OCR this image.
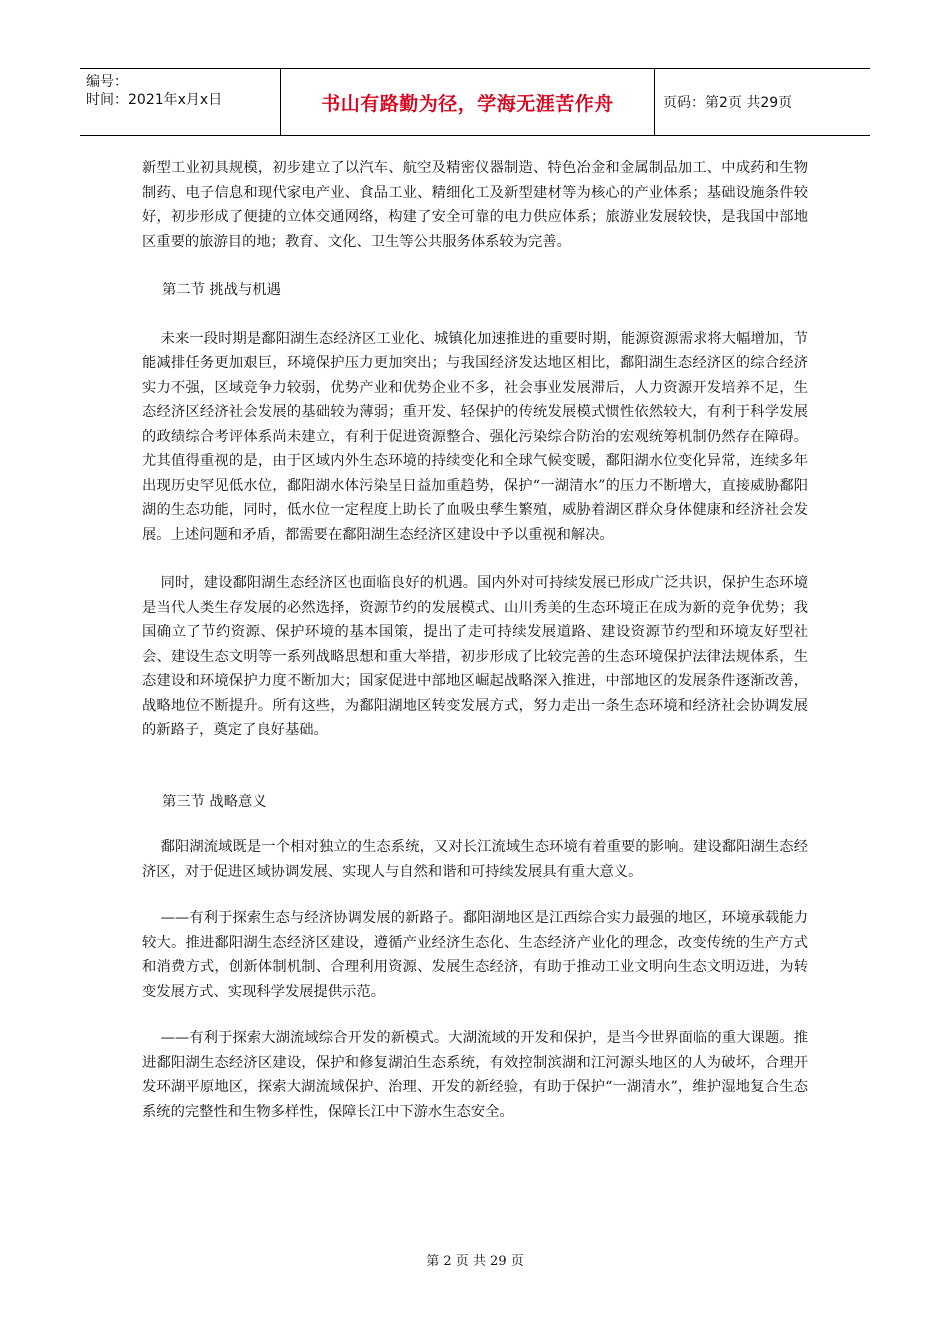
编号：
时间：2021年x月x日	书山有路勤为径，学海无涯苦作舟	页码：第2页 共29页

新型工业初具规模，初步建立了以汽车、航空及精密仪器制造、特色冶金和金属制品加工、中成药和生物制药、电子信息和现代家电产业、食品工业、精细化工及新型建材等为核心的产业体系；基础设施条件较好，初步形成了便捷的立体交通网络，构建了安全可靠的电力供应体系；旅游业发展较快，是我国中部地区重要的旅游目的地；教育、文化、卫生等公共服务体系较为完善。

第二节 挑战与机遇

未来一段时期是鄱阳湖生态经济区工业化、城镇化加速推进的重要时期，能源资源需求将大幅增加，节能减排任务更加艰巨，环境保护压力更加突出；与我国经济发达地区相比，鄱阳湖生态经济区的综合经济实力不强，区域竞争力较弱，优势产业和优势企业不多，社会事业发展滞后，人力资源开发培养不足，生态经济区经济社会发展的基础较为薄弱；重开发、轻保护的传统发展模式惯性依然较大，有利于科学发展的政绩综合考评体系尚未建立，有利于促进资源整合、强化污染综合防治的宏观统筹机制仍然存在障碍。尤其值得重视的是，由于区域内外生态环境的持续变化和全球气候变暖，鄱阳湖水位变化异常，连续多年出现历史罕见低水位，鄱阳湖水体污染呈日益加重趋势，保护“一湖清水”的压力不断增大，直接威胁鄱阳湖的生态功能，同时，低水位一定程度上助长了血吸虫孳生繁殖，威胁着湖区群众身体健康和经济社会发展。上述问题和矛盾，都需要在鄱阳湖生态经济区建设中予以重视和解决。

同时，建设鄱阳湖生态经济区也面临良好的机遇。国内外对可持续发展已形成广泛共识，保护生态环境是当代人类生存发展的必然选择，资源节约的发展模式、山川秀美的生态环境正在成为新的竞争优势；我国确立了节约资源、保护环境的基本国策，提出了走可持续发展道路、建设资源节约型和环境友好型社会、建设生态文明等一系列战略思想和重大举措，初步形成了比较完善的生态环境保护法律法规体系，生态建设和环境保护力度不断加大；国家促进中部地区崛起战略深入推进，中部地区的发展条件逐渐改善，战略地位不断提升。所有这些，为鄱阳湖地区转变发展方式，努力走出一条生态环境和经济社会协调发展的新路子，奠定了良好基础。

第三节 战略意义

鄱阳湖流域既是一个相对独立的生态系统，又对长江流域生态环境有着重要的影响。建设鄱阳湖生态经济区，对于促进区域协调发展、实现人与自然和谐和可持续发展具有重大意义。

——有利于探索生态与经济协调发展的新路子。鄱阳湖地区是江西综合实力最强的地区，环境承载能力较大。推进鄱阳湖生态经济区建设，遵循产业经济生态化、生态经济产业化的理念，改变传统的生产方式和消费方式，创新体制机制、合理利用资源、发展生态经济，有助于推动工业文明向生态文明迈进，为转变发展方式、实现科学发展提供示范。

——有利于探索大湖流域综合开发的新模式。大湖流域的开发和保护，是当今世界面临的重大课题。推进鄱阳湖生态经济区建设，保护和修复湖泊生态系统，有效控制滨湖和江河源头地区的人为破坏，合理开发环湖平原地区，探索大湖流域保护、治理、开发的新经验，有助于保护“一湖清水”，维护湿地复合生态系统的完整性和生物多样性，保障长江中下游水生态安全。

第 2 页 共 29 页
